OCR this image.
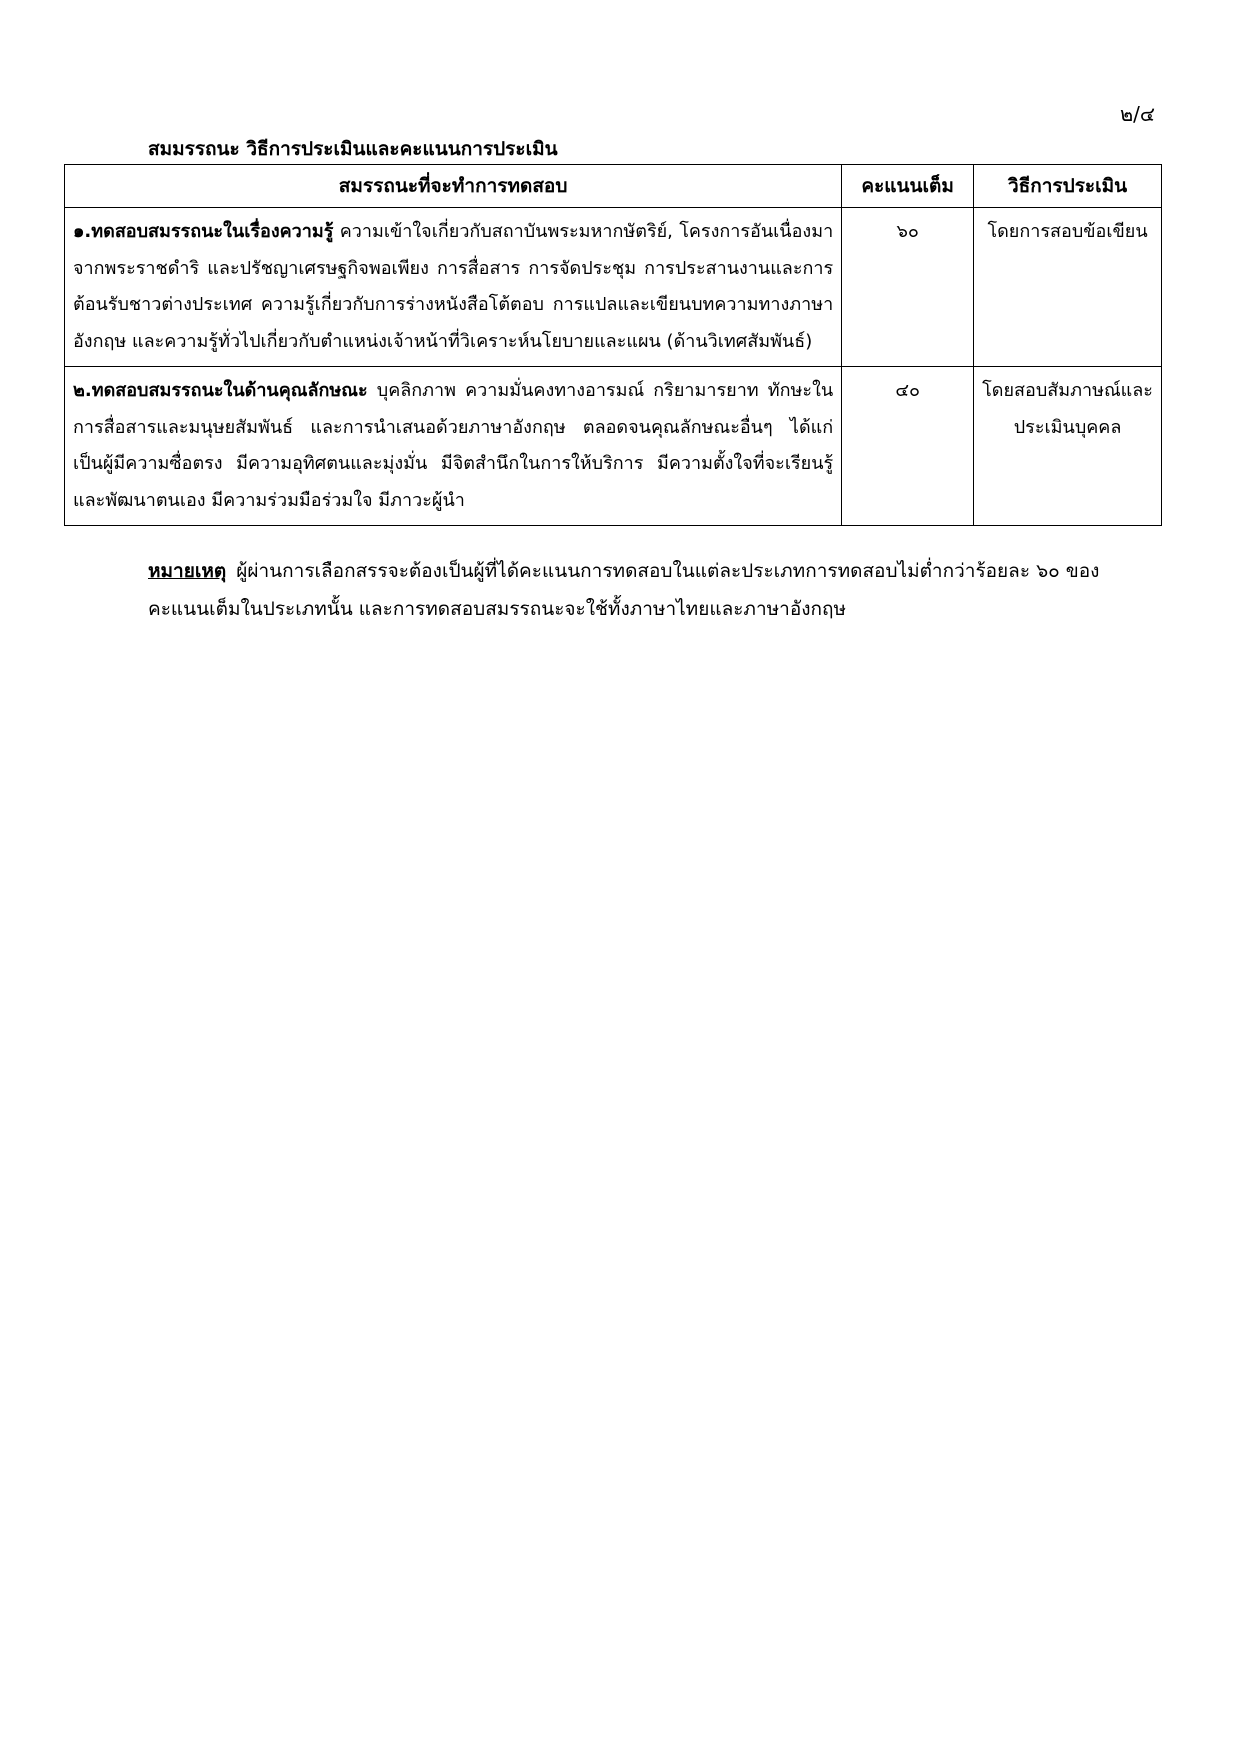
๒/๔
สมมรรถนะ วิธีการประเมินและคะแนนการประเมิน
สมรรถนะที่จะทำการทดสอบ	คะแนนเต็ม	วิธีการประเมิน
๑.ทดสอบสมรรถนะในเรื่องความรู้ ความเข้าใจเกี่ยวกับสถาบันพระมหากษัตริย์, โครงการอันเนื่องมาจากพระราชดำริ และปรัชญาเศรษฐกิจพอเพียง การสื่อสาร การจัดประชุม การประสานงานและการต้อนรับชาวต่างประเทศ ความรู้เกี่ยวกับการร่างหนังสือโต้ตอบ การแปลและเขียนบทความทางภาษาอังกฤษ และความรู้ทั่วไปเกี่ยวกับตำแหน่งเจ้าหน้าที่วิเคราะห์นโยบายและแผน (ด้านวิเทศสัมพันธ์)	๖๐	โดยการสอบข้อเขียน
๒.ทดสอบสมรรถนะในด้านคุณลักษณะ บุคลิกภาพ ความมั่นคงทางอารมณ์ กริยามารยาท ทักษะในการสื่อสารและมนุษยสัมพันธ์ และการนำเสนอด้วยภาษาอังกฤษ ตลอดจนคุณลักษณะอื่นๆ ได้แก่ เป็นผู้มีความซื่อตรง มีความอุทิศตนและมุ่งมั่น มีจิตสำนึกในการให้บริการ มีความตั้งใจที่จะเรียนรู้และพัฒนาตนเอง มีความร่วมมือร่วมใจ มีภาวะผู้นำ	๔๐	โดยสอบสัมภาษณ์และประเมินบุคคล
หมายเหตุ ผู้ผ่านการเลือกสรรจะต้องเป็นผู้ที่ได้คะแนนการทดสอบในแต่ละประเภทการทดสอบไม่ต่ำกว่าร้อยละ ๖๐ ของคะแนนเต็มในประเภทนั้น และการทดสอบสมรรถนะจะใช้ทั้งภาษาไทยและภาษาอังกฤษ
